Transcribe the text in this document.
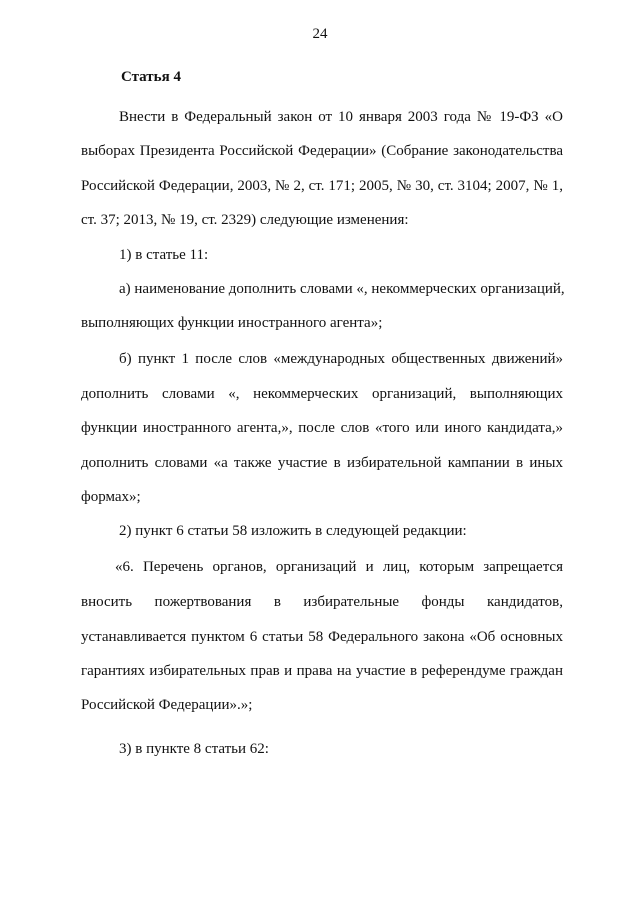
24
Статья 4
Внести в Федеральный закон от 10 января 2003 года № 19-ФЗ «О
выборах Президента Российской Федерации» (Собрание законодательства
Российской Федерации, 2003, № 2, ст. 171; 2005, № 30, ст. 3104; 2007, № 1,
ст. 37; 2013, № 19, ст. 2329) следующие изменения:
1) в статье 11:
а) наименование дополнить словами «, некоммерческих организаций,
выполняющих функции иностранного агента»;
б) пункт 1 после слов «международных общественных движений»
дополнить словами «, некоммерческих организаций, выполняющих
функции иностранного агента,», после слов «того или иного кандидата,»
дополнить словами «а также участие в избирательной кампании в иных
формах»;
2) пункт 6 статьи 58 изложить в следующей редакции:
«6. Перечень органов, организаций и лиц, которым запрещается
вносить пожертвования в избирательные фонды кандидатов,
устанавливается пунктом 6 статьи 58 Федерального закона «Об основных
гарантиях избирательных прав и права на участие в референдуме граждан
Российской Федерации».»;
3) в пункте 8 статьи 62:
